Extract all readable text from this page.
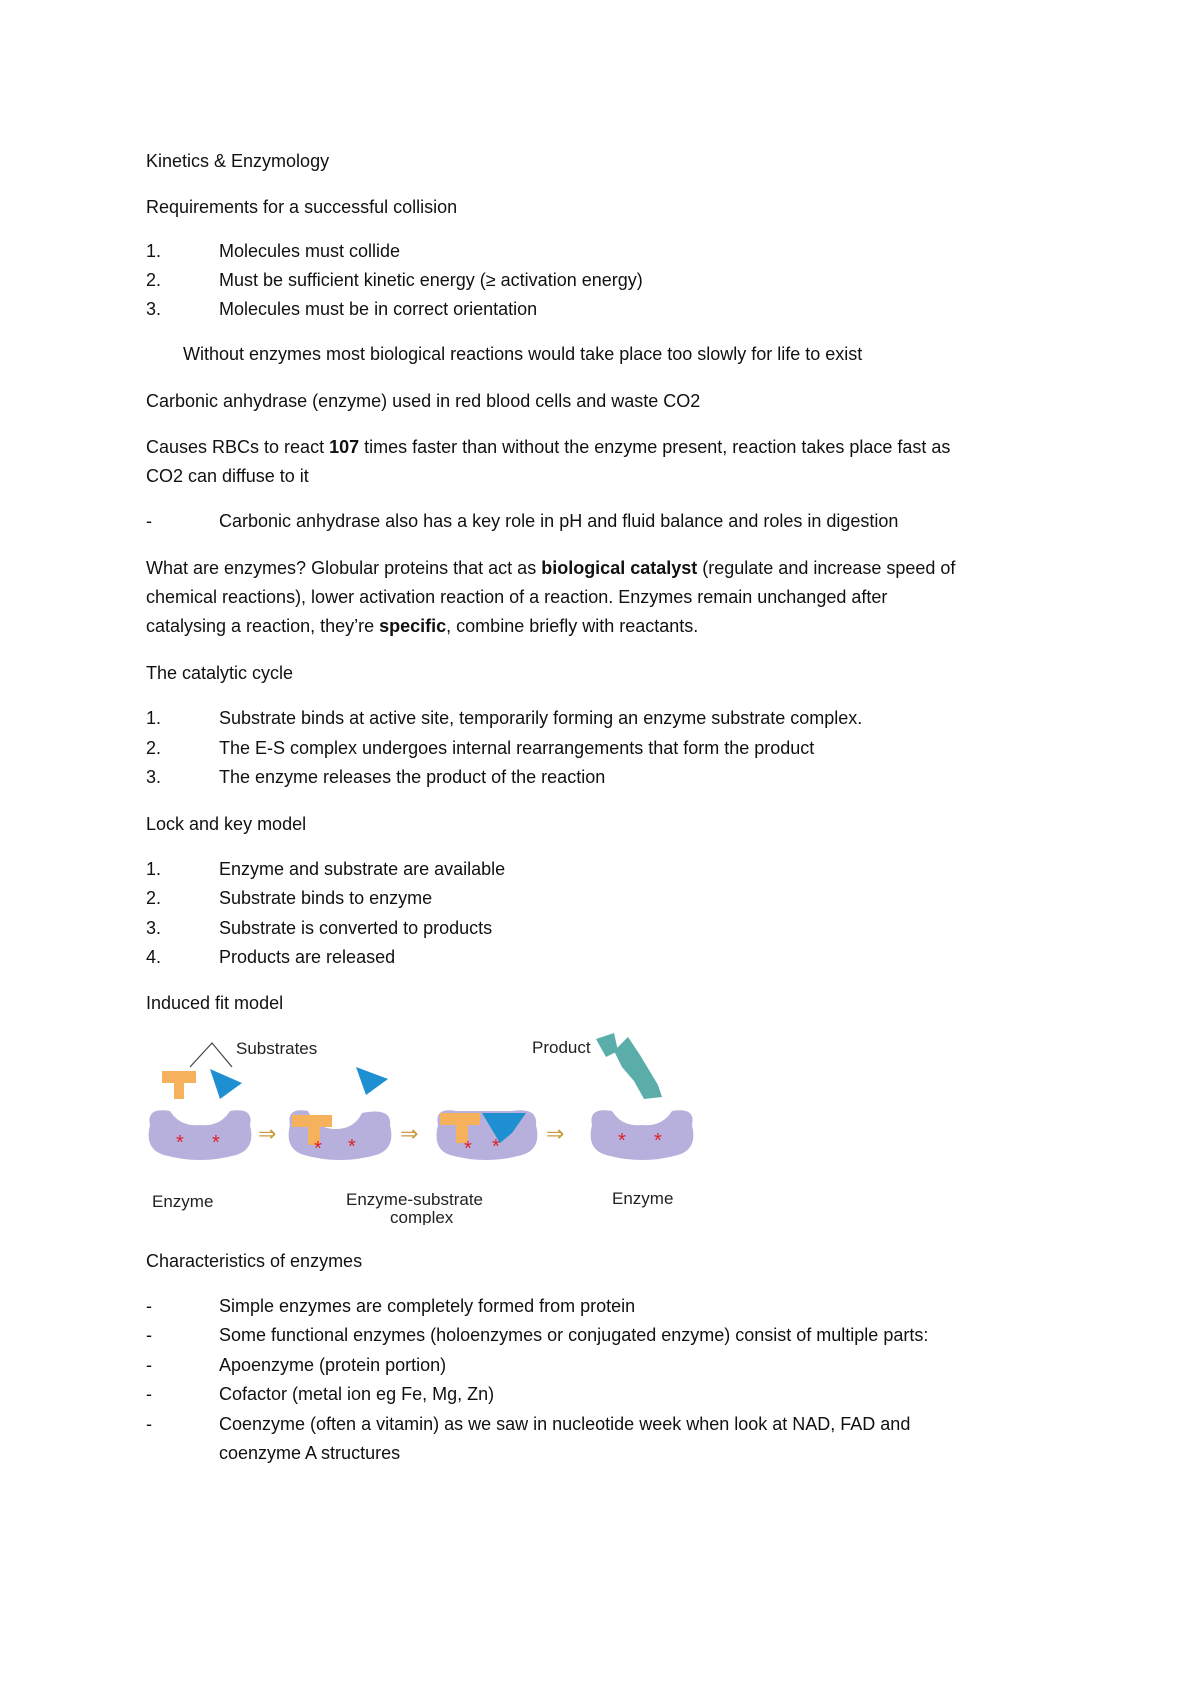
Kinetics & Enzymology

Requirements for a successful collision

1.	Molecules must collide
2.	Must be sufficient kinetic energy (≥ activation energy)
3.	Molecules must be in correct orientation

Without enzymes most biological reactions would take place too slowly for life to exist

Carbonic anhydrase (enzyme) used in red blood cells and waste CO2

Causes RBCs to react 107 times faster than without the enzyme present, reaction takes place fast as

CO2 can diffuse to it

-	Carbonic anhydrase also has a key role in pH and fluid balance and roles in digestion

What are enzymes? Globular proteins that act as biological catalyst (regulate and increase speed of

chemical reactions), lower activation reaction of a reaction. Enzymes remain unchanged after

catalysing a reaction, they’re specific, combine briefly with reactants.

The catalytic cycle

1.	Substrate binds at active site, temporarily forming an enzyme substrate complex.
2.	The E-S complex undergoes internal rearrangements that form the product
3.	The enzyme releases the product of the reaction

Lock and key model

1.	Enzyme and substrate are available
2.	Substrate binds to enzyme
3.	Substrate is converted to products
4.	Products are released

Induced fit model

Substrates
* *
Enzyme
⇒
* *
⇒
Enzyme-substrate
complex
* *
⇒
Product
* *
Enzyme

Characteristics of enzymes

-	Simple enzymes are completely formed from protein
-	Some functional enzymes (holoenzymes or conjugated enzyme) consist of multiple parts:
-	Apoenzyme (protein portion)
-	Cofactor (metal ion eg Fe, Mg, Zn)
-	Coenzyme (often a vitamin) as we saw in nucleotide week when look at NAD, FAD and

coenzyme A structures
